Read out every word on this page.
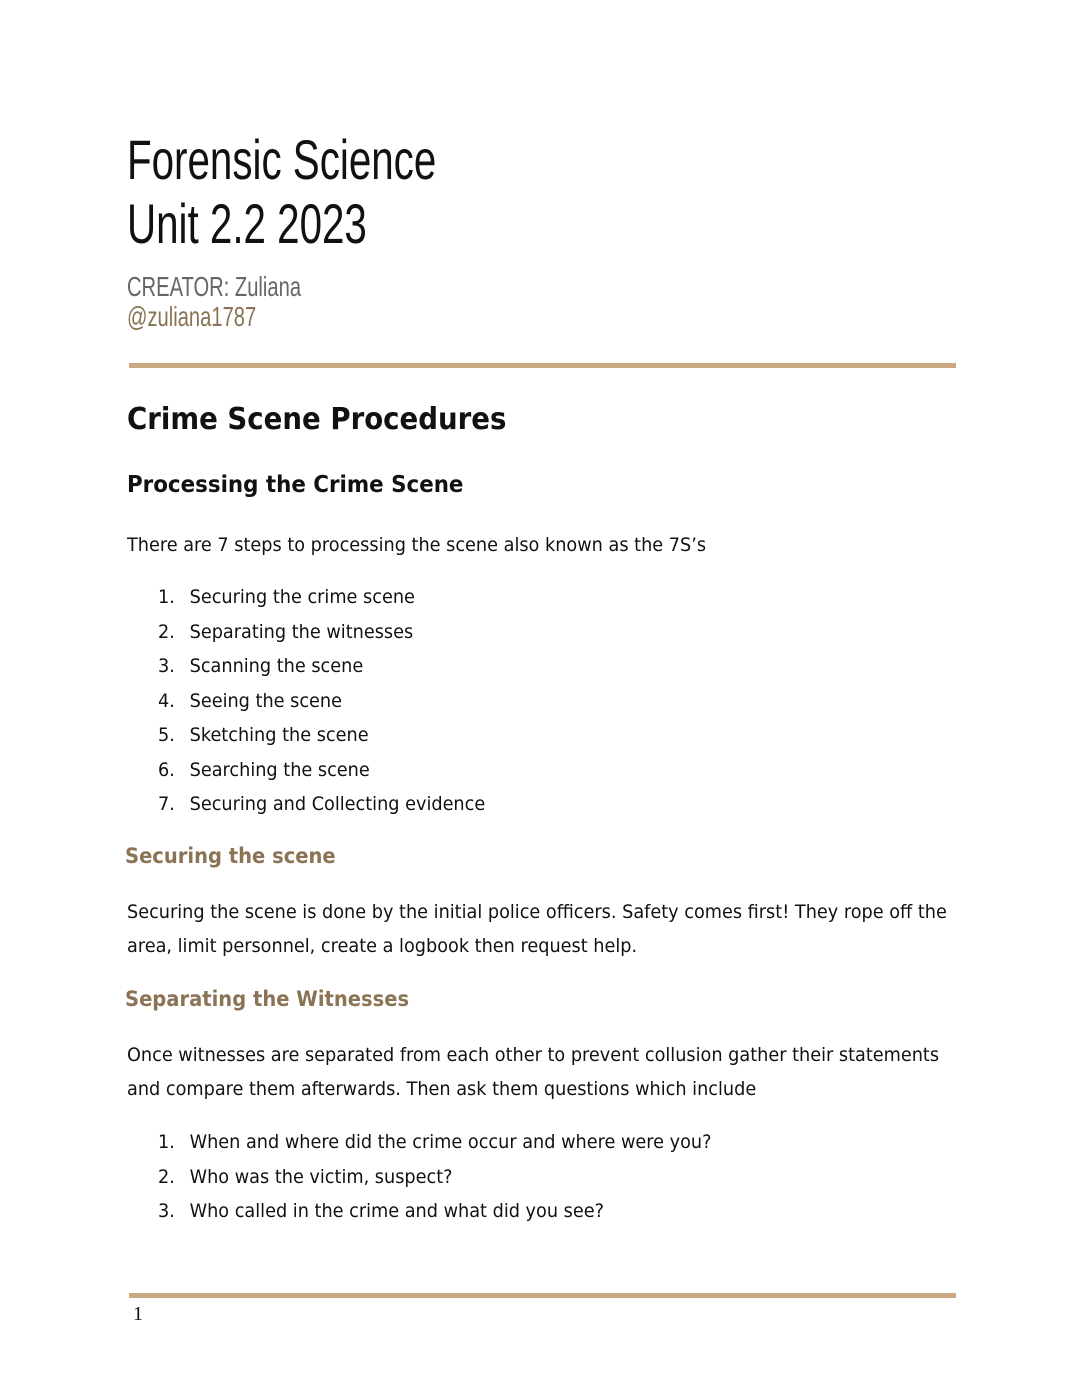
Forensic Science
Unit 2.2 2023
CREATOR: Zuliana
@zuliana1787
Crime Scene Procedures
Processing the Crime Scene
There are 7 steps to processing the scene also known as the 7S’s
1. Securing the crime scene
2. Separating the witnesses
3. Scanning the scene
4. Seeing the scene
5. Sketching the scene
6. Searching the scene
7. Securing and Collecting evidence
Securing the scene
Securing the scene is done by the initial police officers. Safety comes first! They rope off the
area, limit personnel, create a logbook then request help.
Separating the Witnesses
Once witnesses are separated from each other to prevent collusion gather their statements
and compare them afterwards. Then ask them questions which include
1. When and where did the crime occur and where were you?
2. Who was the victim, suspect?
3. Who called in the crime and what did you see?
1
